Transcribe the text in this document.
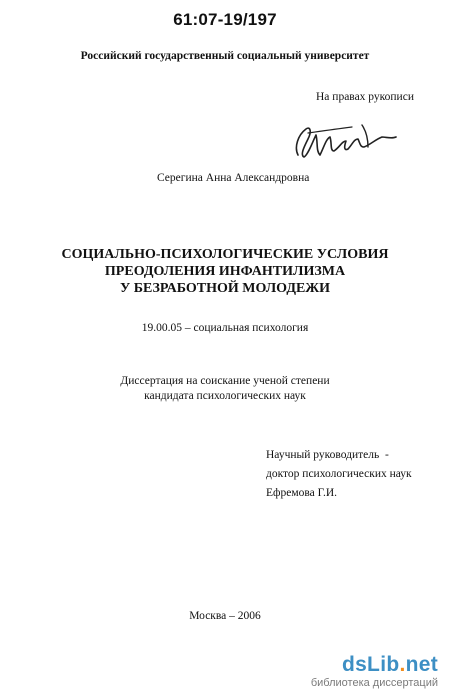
61:07-19/197
Российский государственный социальный университет
На правах рукописи
Серегина Анна Александровна
СОЦИАЛЬНО-ПСИХОЛОГИЧЕСКИЕ УСЛОВИЯ
ПРЕОДОЛЕНИЯ ИНФАНТИЛИЗМА
У БЕЗРАБОТНОЙ МОЛОДЕЖИ
19.00.05 – социальная психология
Диссертация на соискание ученой степени
кандидата психологических наук
Научный руководитель  -
доктор психологических наук
Ефремова Г.И.
Москва – 2006
dsLib.net
библиотека диссертаций
